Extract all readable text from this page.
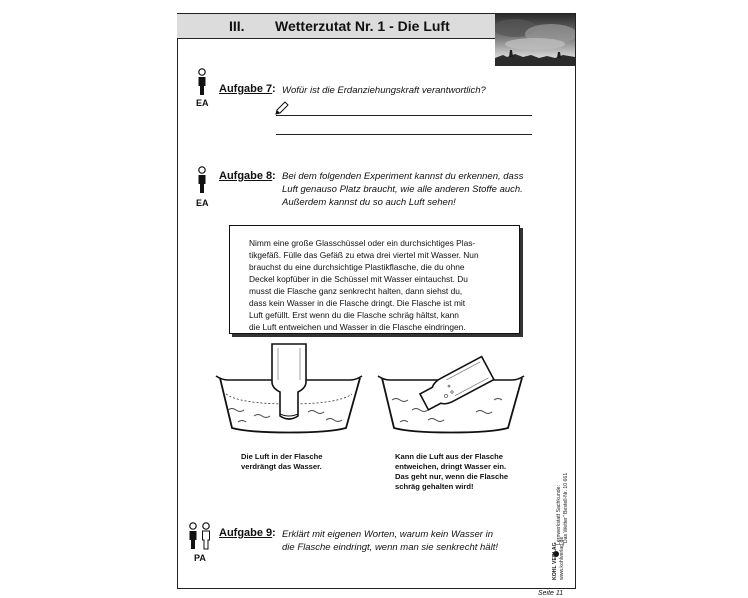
III. Wetterzutat Nr. 1 - Die Luft
EA
Aufgabe 7 : Wofür ist die Erdanziehungskraft verantwortlich?
EA
Aufgabe 8 : Bei dem folgenden Experiment kannst du erkennen, dass
Luft genauso Platz braucht, wie alle anderen Stoffe auch.
Außerdem kannst du so auch Luft sehen!
Nimm eine große Glasschüssel oder ein durchsichtiges Plas-
tikgefäß. Fülle das Gefäß zu etwa drei viertel mit Wasser. Nun
brauchst du eine durchsichtige Plastikflasche, die du ohne
Deckel kopfüber in die Schüssel mit Wasser eintauchst. Du
musst die Flasche ganz senkrecht halten, dann siehst du,
dass kein Wasser in die Flasche dringt. Die Flasche ist mit
Luft gefüllt. Erst wenn du die Flasche schräg hältst, kann
die Luft entweichen und Wasser in die Flasche eindringen.
Die Luft in der Flasche
verdrängt das Wasser.
Kann die Luft aus der Flasche
entweichen, dringt Wasser ein.
Das geht nur, wenn die Flasche
schräg gehalten wird!
PA
Aufgabe 9 : Erklärt mit eigenen Worten, warum kein Wasser in
die Flasche eindringt, wenn man sie senkrecht hält!
Lernwerkstatt Sachkunde: "Das Wetter" Bestell-Nr. 10 661
KOHL VERLAG www.kohlverlag.de
Seite 11
